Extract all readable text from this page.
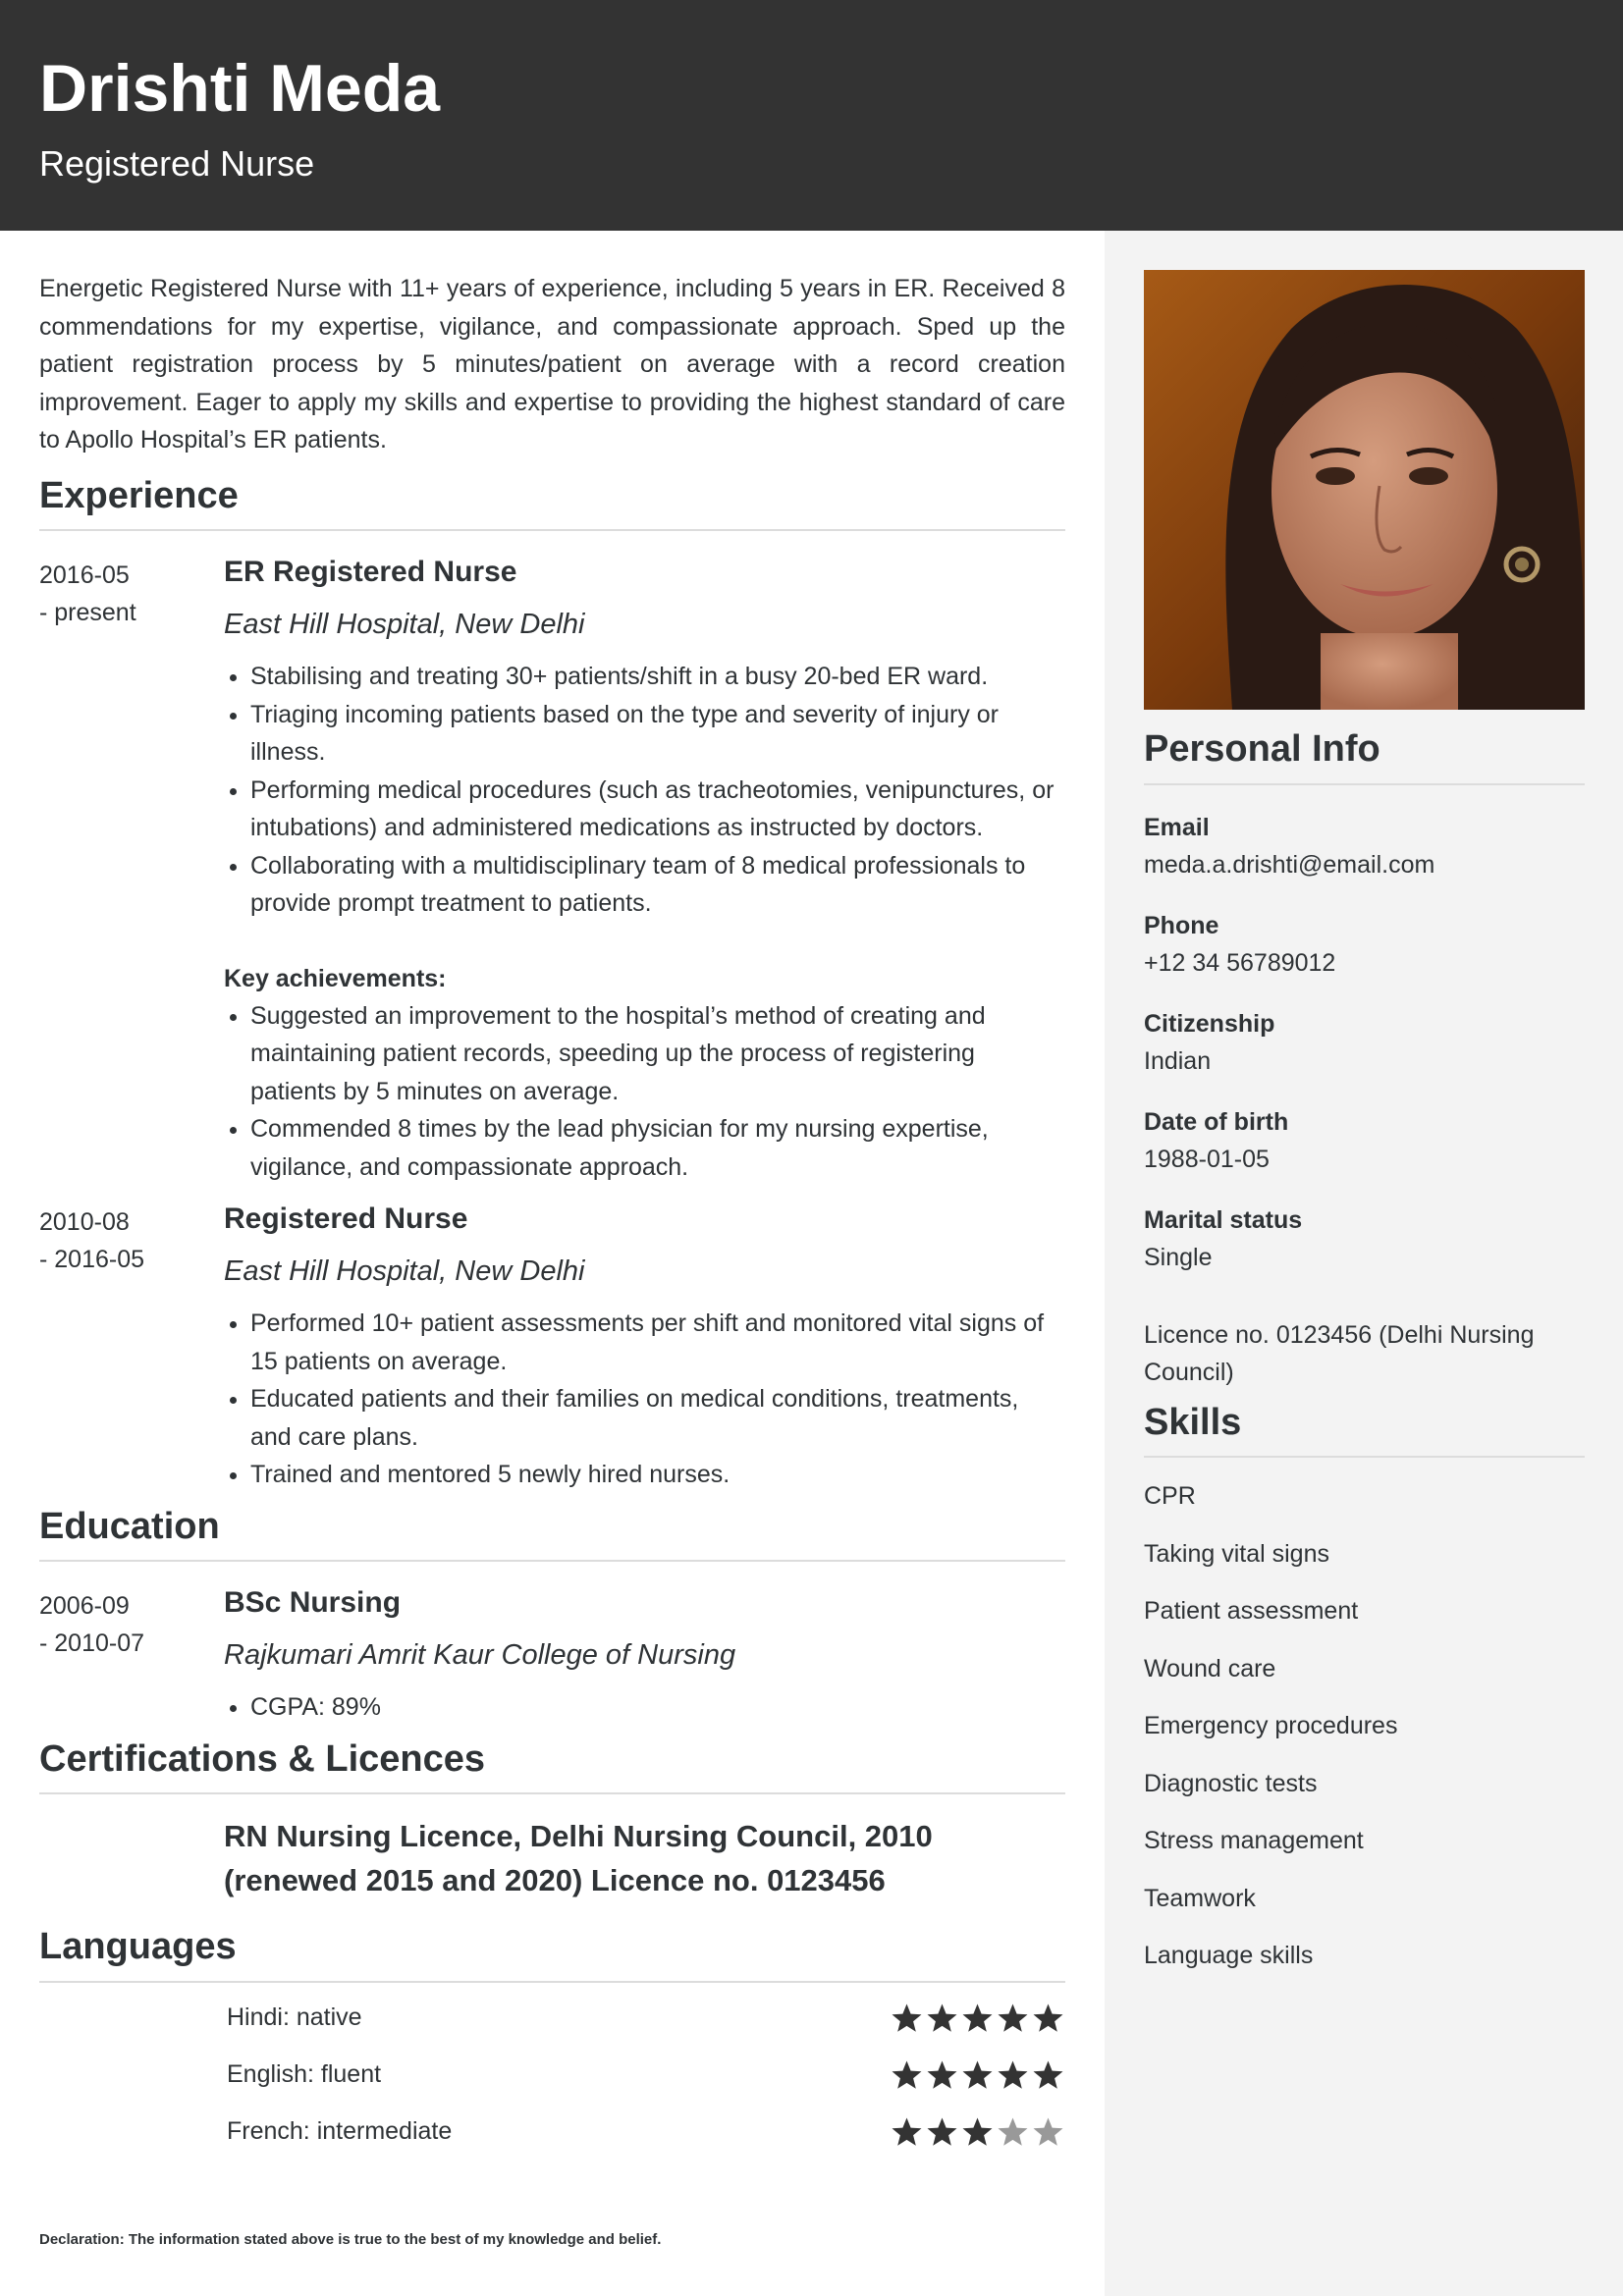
Drishti Meda
Registered Nurse

Energetic Registered Nurse with 11+ years of experience, including 5 years in ER. Received 8 commendations for my expertise, vigilance, and compassionate approach. Sped up the patient registration process by 5 minutes/patient on average with a record creation improvement. Eager to apply my skills and expertise to providing the highest standard of care to Apollo Hospital’s ER patients.

Experience
2016-05
- present
ER Registered Nurse
East Hill Hospital, New Delhi
• Stabilising and treating 30+ patients/shift in a busy 20-bed ER ward.
• Triaging incoming patients based on the type and severity of injury or illness.
• Performing medical procedures (such as tracheotomies, venipunctures, or intubations) and administered medications as instructed by doctors.
• Collaborating with a multidisciplinary team of 8 medical professionals to provide prompt treatment to patients.
Key achievements:
• Suggested an improvement to the hospital’s method of creating and maintaining patient records, speeding up the process of registering patients by 5 minutes on average.
• Commended 8 times by the lead physician for my nursing expertise, vigilance, and compassionate approach.
2010-08
- 2016-05
Registered Nurse
East Hill Hospital, New Delhi
• Performed 10+ patient assessments per shift and monitored vital signs of 15 patients on average.
• Educated patients and their families on medical conditions, treatments, and care plans.
• Trained and mentored 5 newly hired nurses.
Education
2006-09
- 2010-07
BSc Nursing
Rajkumari Amrit Kaur College of Nursing
• CGPA: 89%
Certifications & Licences
RN Nursing Licence, Delhi Nursing Council, 2010 (renewed 2015 and 2020) Licence no. 0123456
Languages
Hindi: native
English: fluent
French: intermediate
Declaration: The information stated above is true to the best of my knowledge and belief.
Personal Info
Email
meda.a.drishti@email.com
Phone
+12 34 56789012
Citizenship
Indian
Date of birth
1988-01-05
Marital status
Single
Licence no. 0123456 (Delhi Nursing Council)
Skills
CPR
Taking vital signs
Patient assessment
Wound care
Emergency procedures
Diagnostic tests
Stress management
Teamwork
Language skills
